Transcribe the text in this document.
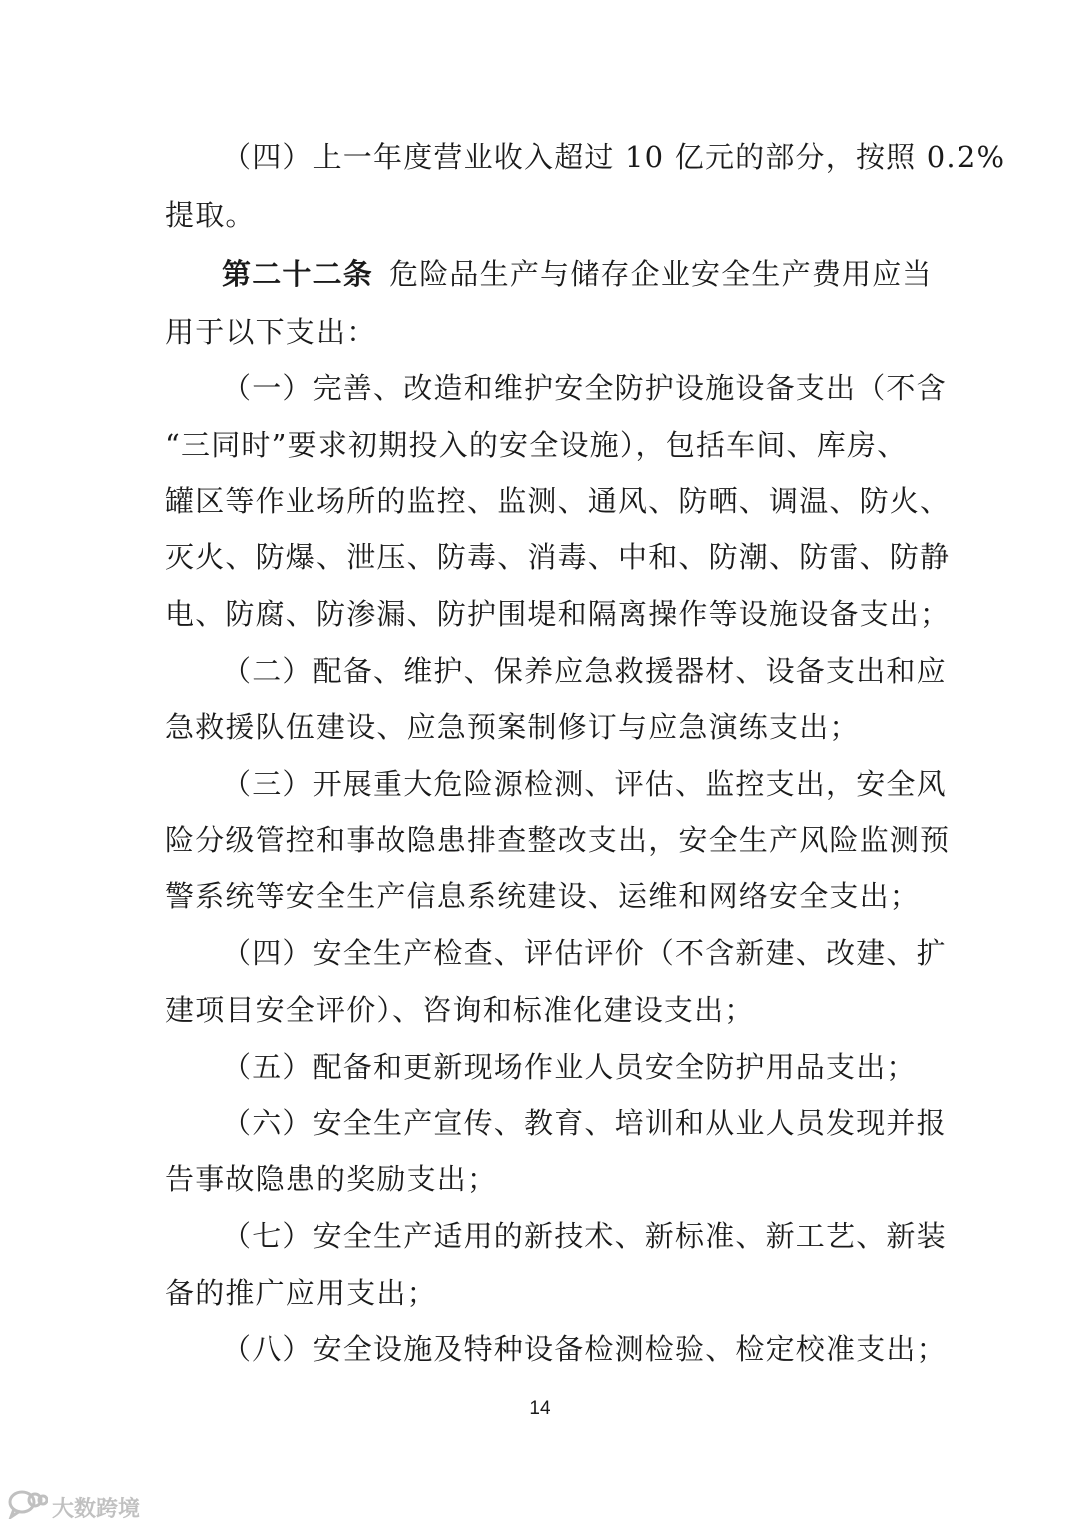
（四）上一年度营业收入超过 10 亿元的部分，按照 0.2%
提取。
第二十二条 危险品生产与储存企业安全生产费用应当
用于以下支出：
（一）完善、改造和维护安全防护设施设备支出（不含
“三同时”要求初期投入的安全设施），包括车间、库房、
罐区等作业场所的监控、监测、通风、防晒、调温、防火、
灭火、防爆、泄压、防毒、消毒、中和、防潮、防雷、防静
电、防腐、防渗漏、防护围堤和隔离操作等设施设备支出；
（二）配备、维护、保养应急救援器材、设备支出和应
急救援队伍建设、应急预案制修订与应急演练支出；
（三）开展重大危险源检测、评估、监控支出，安全风
险分级管控和事故隐患排查整改支出，安全生产风险监测预
警系统等安全生产信息系统建设、运维和网络安全支出；
（四）安全生产检查、评估评价（不含新建、改建、扩
建项目安全评价）、咨询和标准化建设支出；
（五）配备和更新现场作业人员安全防护用品支出；
（六）安全生产宣传、教育、培训和从业人员发现并报
告事故隐患的奖励支出；
（七）安全生产适用的新技术、新标准、新工艺、新装
备的推广应用支出；
（八）安全设施及特种设备检测检验、检定校准支出；
14
大数跨境
